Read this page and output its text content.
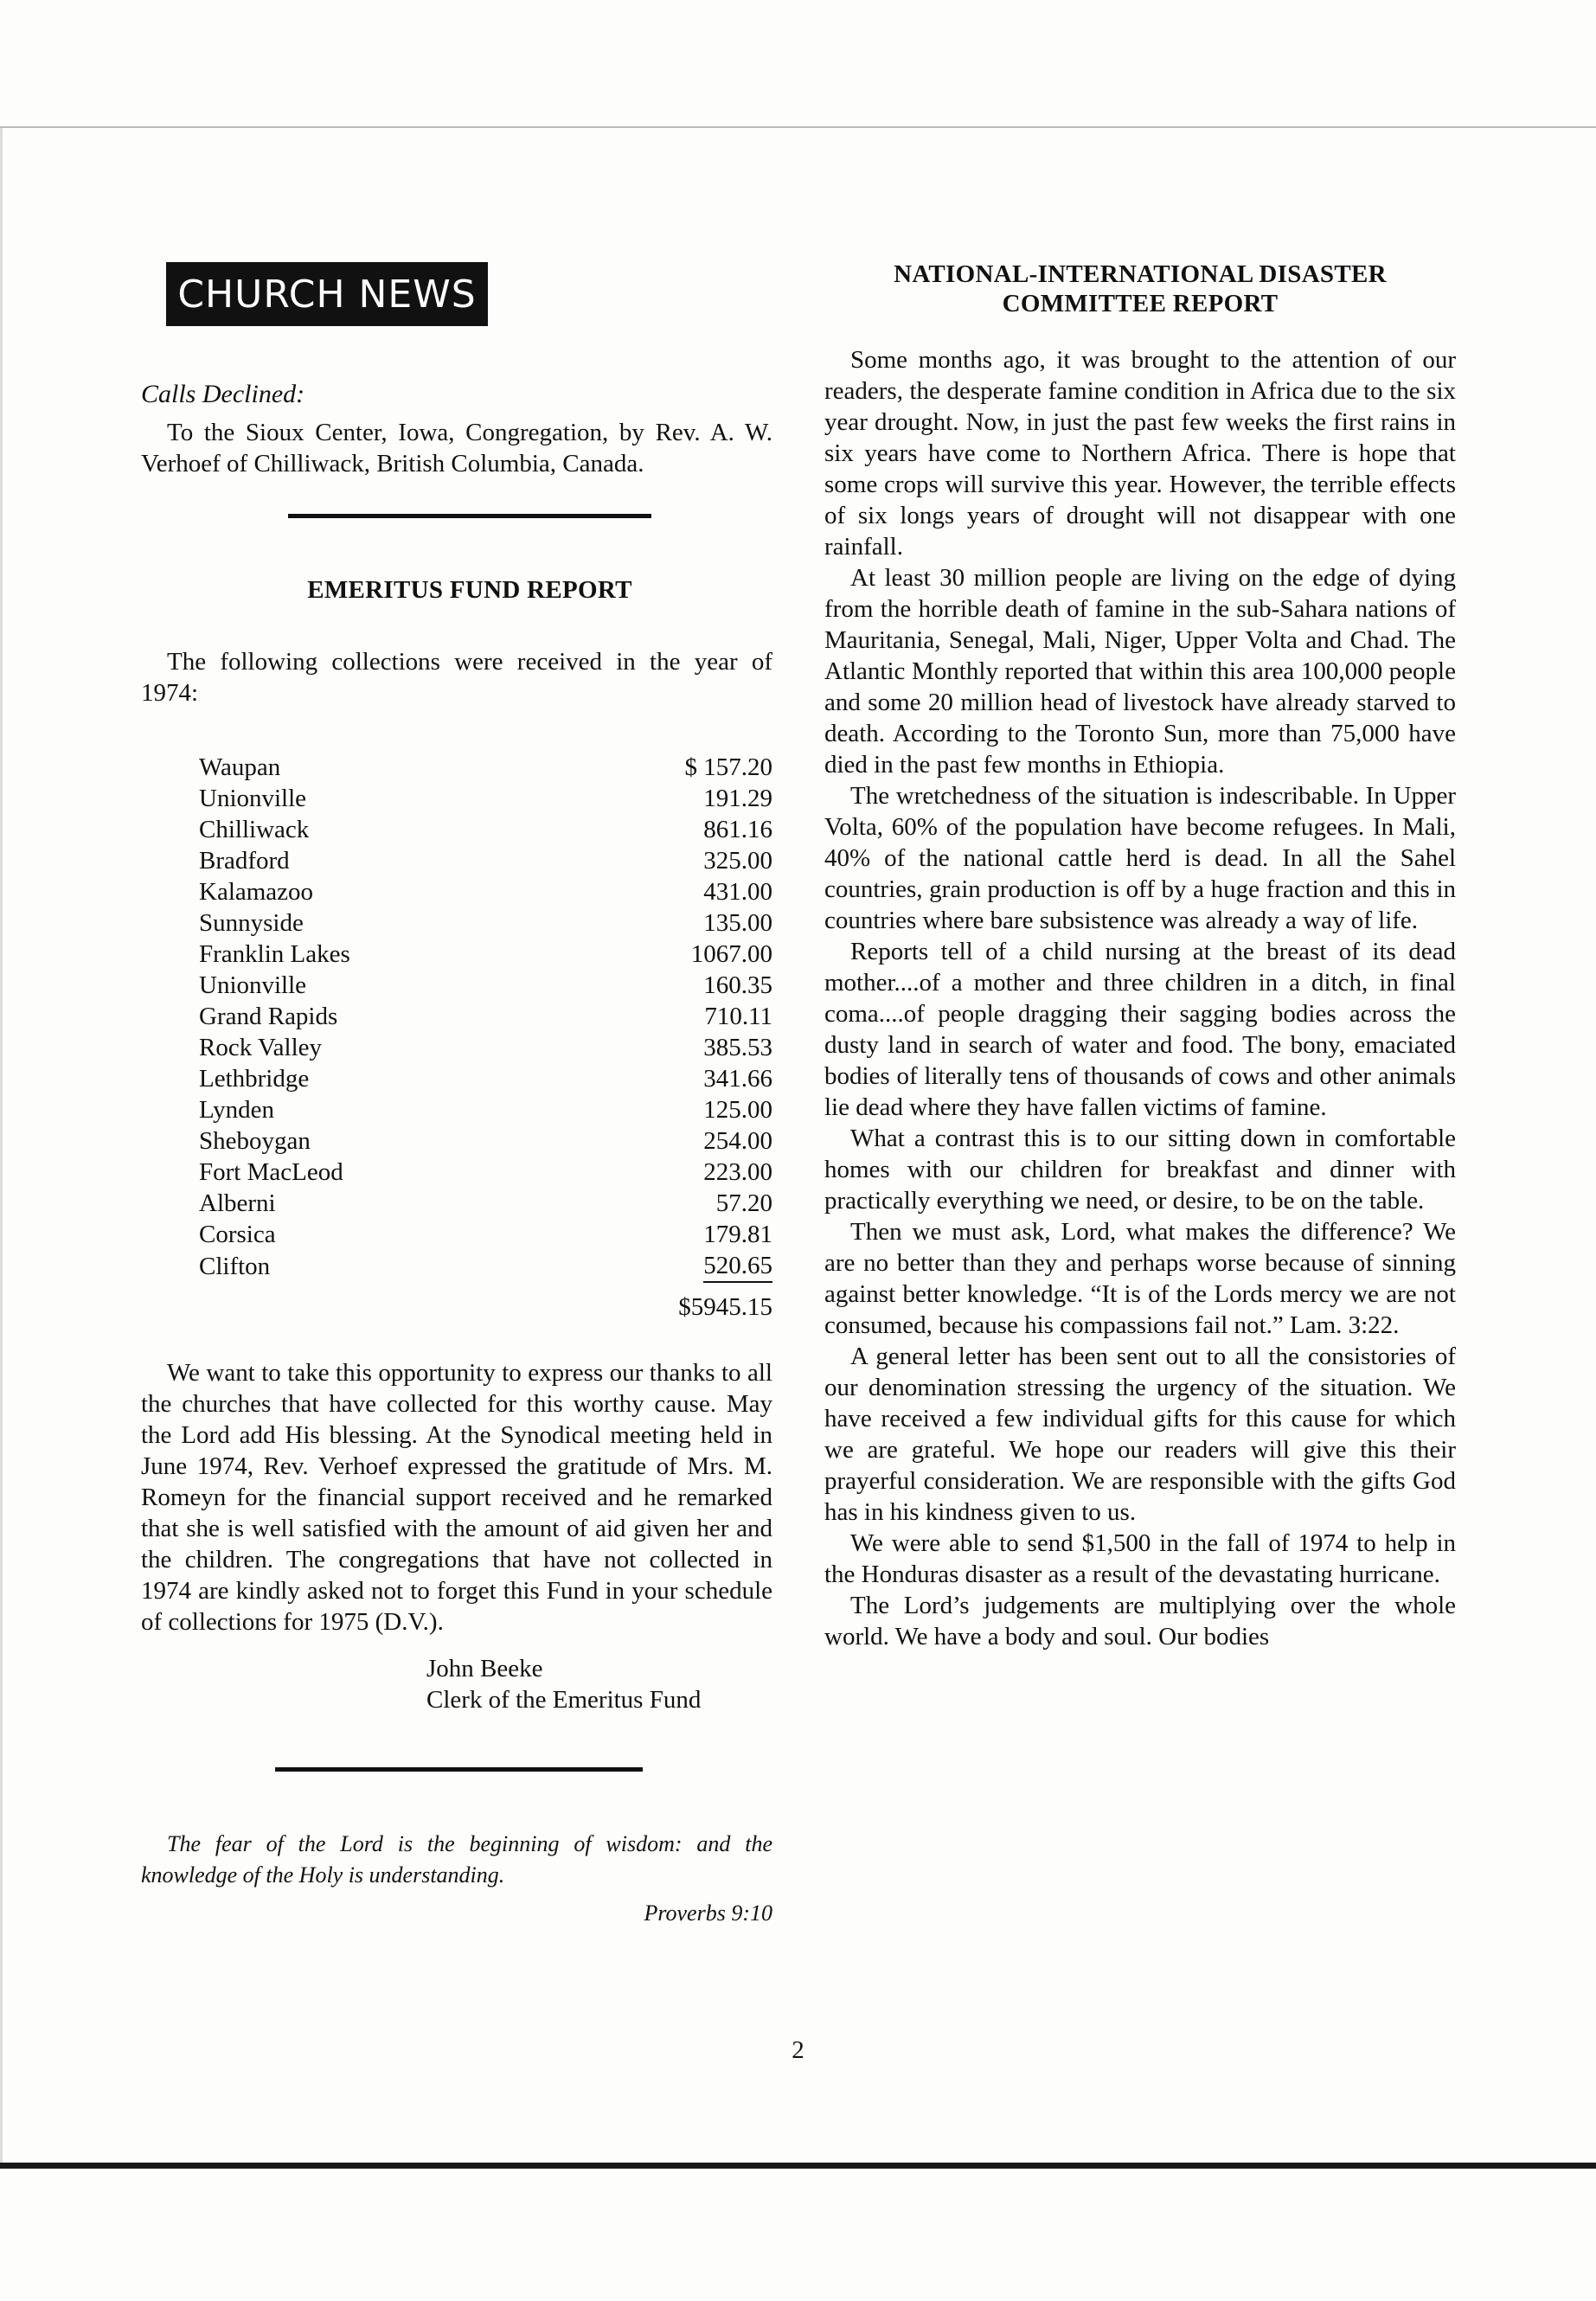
CHURCH NEWS

Calls Declined:

To the Sioux Center, Iowa, Congregation, by Rev. A. W. Verhoef of Chilliwack, British Columbia, Canada.

EMERITUS FUND REPORT

The following collections were received in the year of 1974:

Waupan	$ 157.20
Unionville	191.29
Chilliwack	861.16
Bradford	325.00
Kalamazoo	431.00
Sunnyside	135.00
Franklin Lakes	1067.00
Unionville	160.35
Grand Rapids	710.11
Rock Valley	385.53
Lethbridge	341.66
Lynden	125.00
Sheboygan	254.00
Fort MacLeod	223.00
Alberni	57.20
Corsica	179.81
Clifton	520.65
	$5945.15

We want to take this opportunity to express our thanks to all the churches that have collected for this worthy cause. May the Lord add His blessing. At the Synodical meeting held in June 1974, Rev. Verhoef expressed the gratitude of Mrs. M. Romeyn for the financial support received and he remarked that she is well satisfied with the amount of aid given her and the children. The congregations that have not collected in 1974 are kindly asked not to forget this Fund in your schedule of collections for 1975 (D.V.).

John Beeke
Clerk of the Emeritus Fund

The fear of the Lord is the beginning of wisdom: and the knowledge of the Holy is understanding.

Proverbs 9:10

NATIONAL-INTERNATIONAL DISASTER

COMMITTEE REPORT

Some months ago, it was brought to the attention of our readers, the desperate famine condition in Africa due to the six year drought. Now, in just the past few weeks the first rains in six years have come to Northern Africa. There is hope that some crops will survive this year. However, the terrible effects of six longs years of drought will not disappear with one rainfall.

At least 30 million people are living on the edge of dying from the horrible death of famine in the sub-Sahara nations of Mauritania, Senegal, Mali, Niger, Upper Volta and Chad. The Atlantic Monthly reported that within this area 100,000 people and some 20 million head of livestock have already starved to death. According to the Toronto Sun, more than 75,000 have died in the past few months in Ethiopia.

The wretchedness of the situation is indescribable. In Upper Volta, 60% of the population have become refugees. In Mali, 40% of the national cattle herd is dead. In all the Sahel countries, grain production is off by a huge fraction and this in countries where bare subsistence was already a way of life.

Reports tell of a child nursing at the breast of its dead mother....of a mother and three children in a ditch, in final coma....of people dragging their sagging bodies across the dusty land in search of water and food. The bony, emaciated bodies of literally tens of thousands of cows and other animals lie dead where they have fallen victims of famine.

What a contrast this is to our sitting down in comfortable homes with our children for breakfast and dinner with practically everything we need, or desire, to be on the table.

Then we must ask, Lord, what makes the difference? We are no better than they and perhaps worse because of sinning against better knowledge. “It is of the Lords mercy we are not consumed, because his compassions fail not.” Lam. 3:22.

A general letter has been sent out to all the consistories of our denomination stressing the urgency of the situation. We have received a few individual gifts for this cause for which we are grateful. We hope our readers will give this their prayerful consideration. We are responsible with the gifts God has in his kindness given to us.

We were able to send $1,500 in the fall of 1974 to help in the Honduras disaster as a result of the devastating hurricane.

The Lord’s judgements are multiplying over the whole world. We have a body and soul. Our bodies

2
